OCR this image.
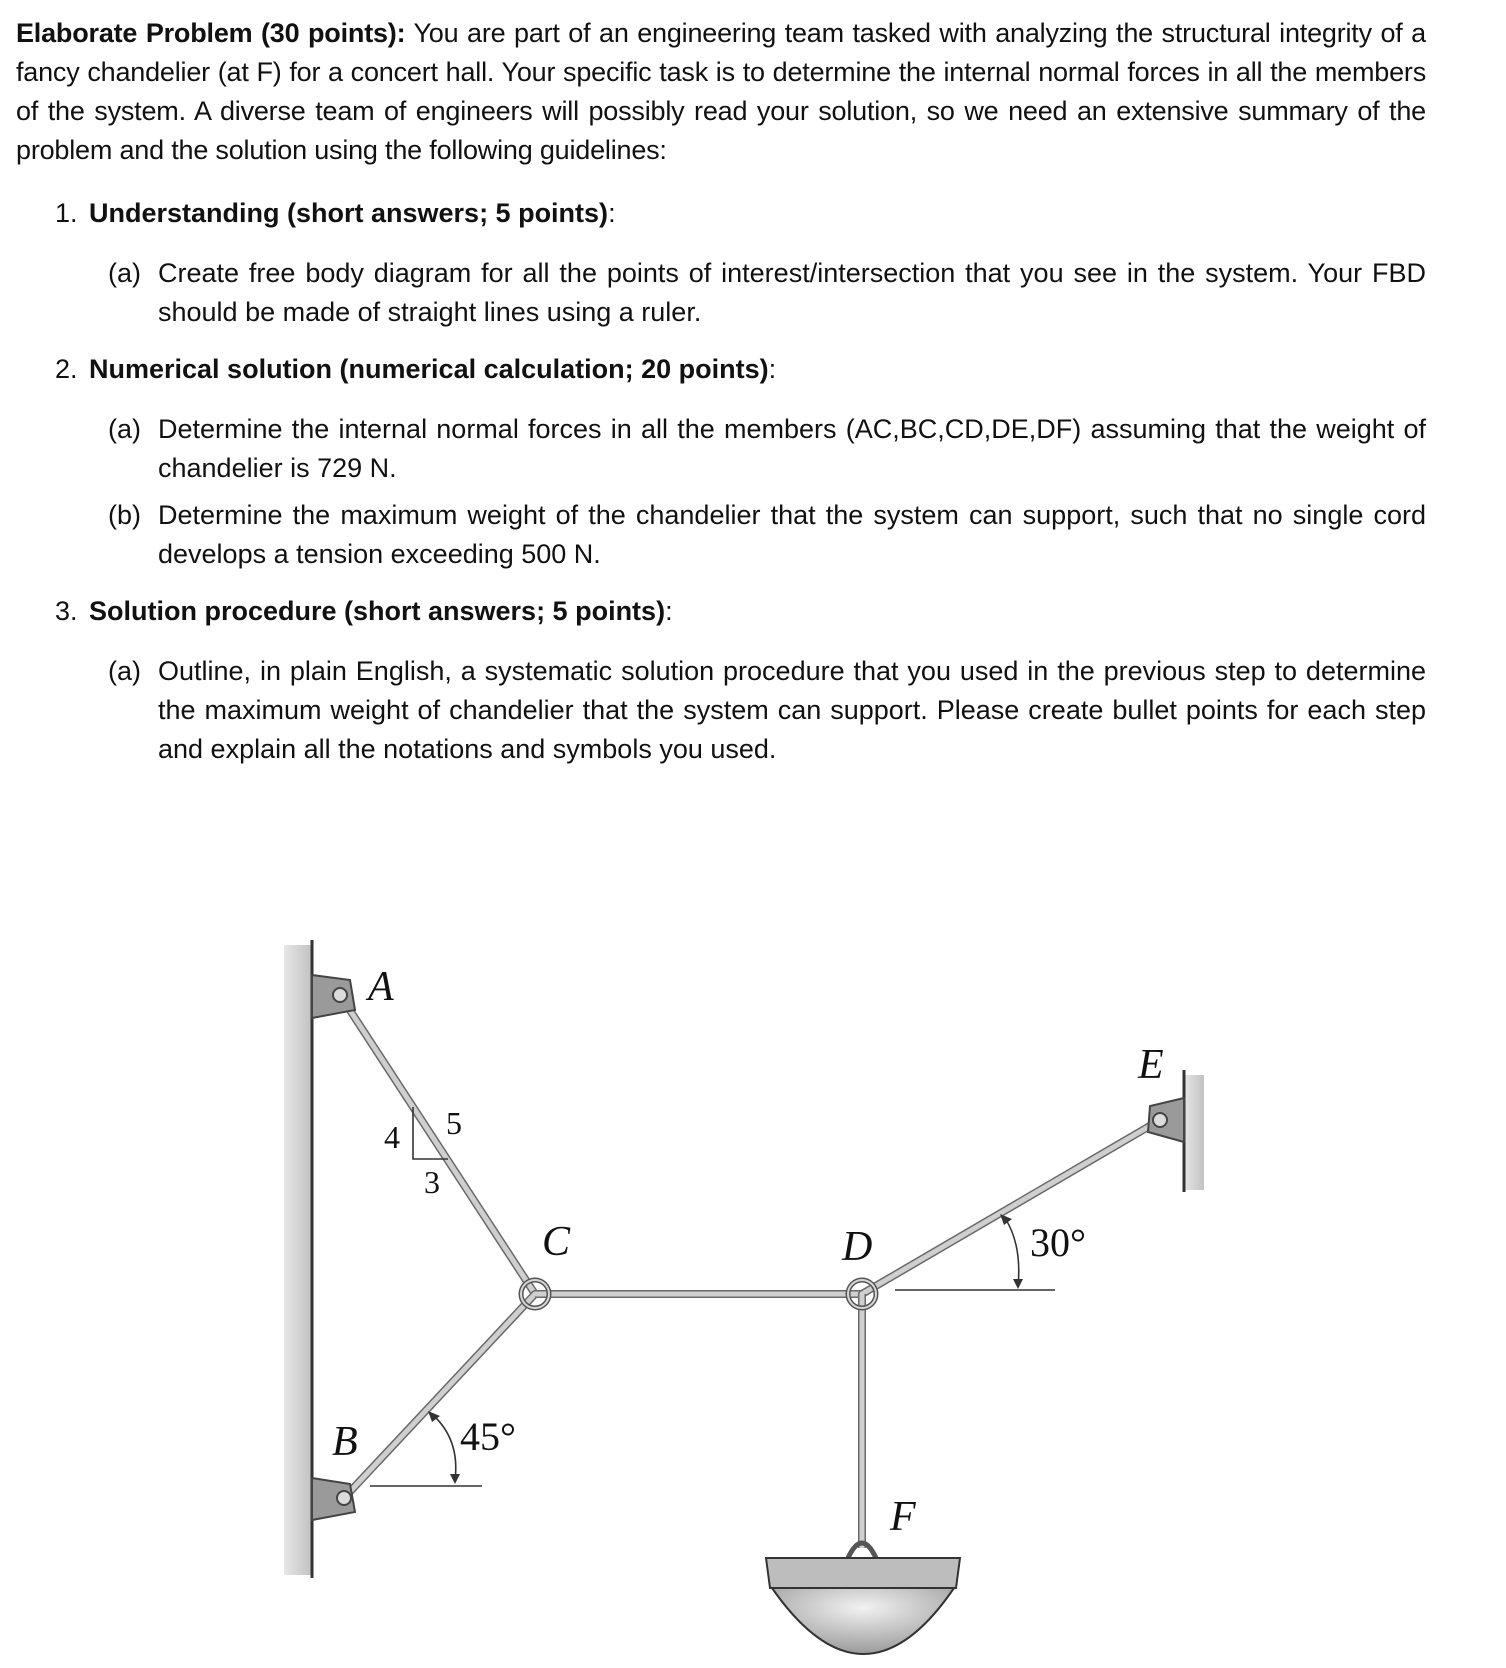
Elaborate Problem (30 points): You are part of an engineering team tasked with analyzing the structural integrity of a fancy chandelier (at F) for a concert hall. Your specific task is to determine the internal normal forces in all the members of the system. A diverse team of engineers will possibly read your solution, so we need an extensive summary of the problem and the solution using the following guidelines:

1. Understanding (short answers; 5 points):

(a) Create free body diagram for all the points of interest/intersection that you see in the system. Your FBD should be made of straight lines using a ruler.

2. Numerical solution (numerical calculation; 20 points):

(a) Determine the internal normal forces in all the members (AC,BC,CD,DE,DF) assuming that the weight of chandelier is 729 N.
(b) Determine the maximum weight of the chandelier that the system can support, such that no single cord develops a tension exceeding 500 N.

3. Solution procedure (short answers; 5 points):

(a) Outline, in plain English, a systematic solution procedure that you used in the previous step to determine the maximum weight of chandelier that the system can support. Please create bullet points for each step and explain all the notations and symbols you used.
A
B
C	D
E
F
4
3
5
45°
30°
